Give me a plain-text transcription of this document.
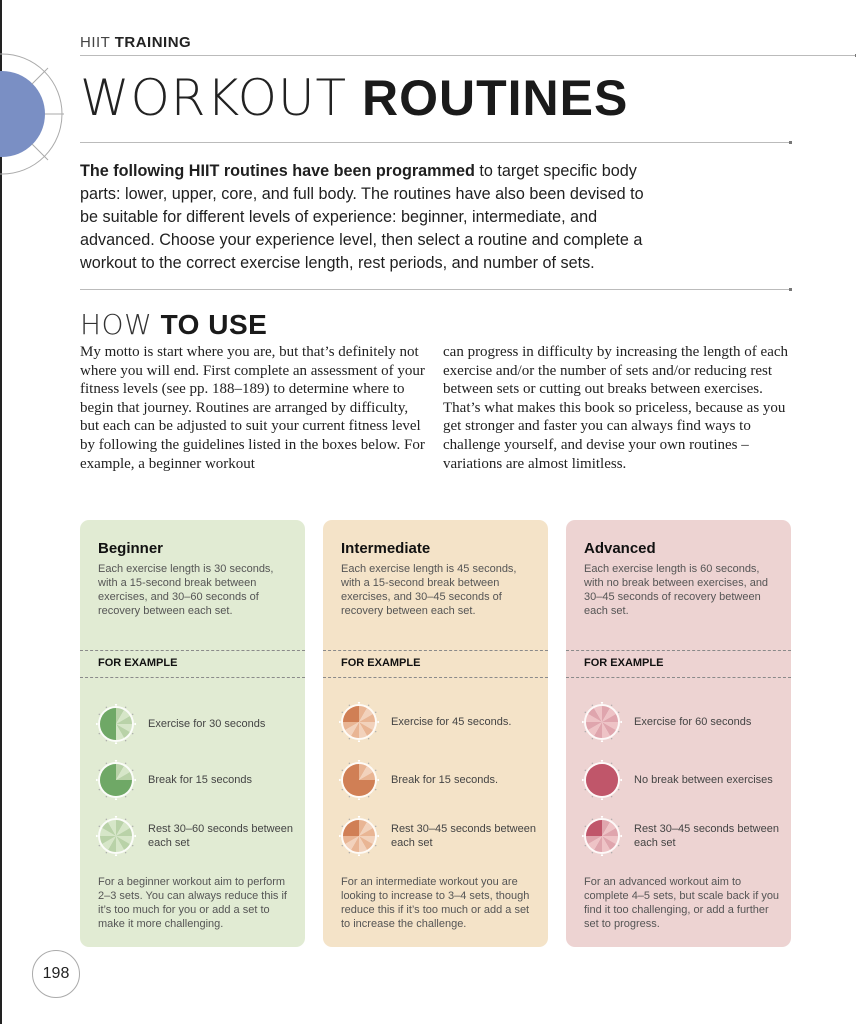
HIIT TRAINING
WORKOUT ROUTINES
The following HIIT routines have been programmed to target specific body parts: lower, upper, core, and full body. The routines have also been devised to be suitable for different levels of experience: beginner, intermediate, and advanced. Choose your experience level, then select a routine and complete a workout to the correct exercise length, rest periods, and number of sets.
HOW TO USE
My motto is start where you are, but that’s definitely not where you will end. First complete an assessment of your fitness levels (see pp. 188–189) to determine where to begin that journey. Routines are arranged by difficulty, but each can be adjusted to suit your current fitness level by following the guidelines listed in the boxes below. For example, a beginner workout
can progress in difficulty by increasing the length of each exercise and/or the number of sets and/or reducing rest between sets or cutting out breaks between exercises. That’s what makes this book so priceless, because as you get stronger and faster you can always find ways to challenge yourself, and devise your own routines – variations are almost limitless.
Beginner
Each exercise length is 30 seconds, with a 15-second break between exercises, and 30–60 seconds of recovery between each set.
FOR EXAMPLE
Exercise for 30 seconds
Break for 15 seconds
Rest 30–60 seconds between each set
For a beginner workout aim to perform 2–3 sets. You can always reduce this if it’s too much for you or add a set to make it more challenging.
Intermediate
Each exercise length is 45 seconds, with a 15-second break between exercises, and 30–45 seconds of recovery between each set.
FOR EXAMPLE
Exercise for 45 seconds.
Break for 15 seconds.
Rest 30–45 seconds between each set
For an intermediate workout you are looking to increase to 3–4 sets, though reduce this if it’s too much or add a set to increase the challenge.
Advanced
Each exercise length is 60 seconds, with no break between exercises, and 30–45 seconds of recovery between each set.
FOR EXAMPLE
Exercise for 60 seconds
No break between exercises
Rest 30–45 seconds between each set
For an advanced workout aim to complete 4–5 sets, but scale back if you find it too challenging, or add a further set to progress.
198
